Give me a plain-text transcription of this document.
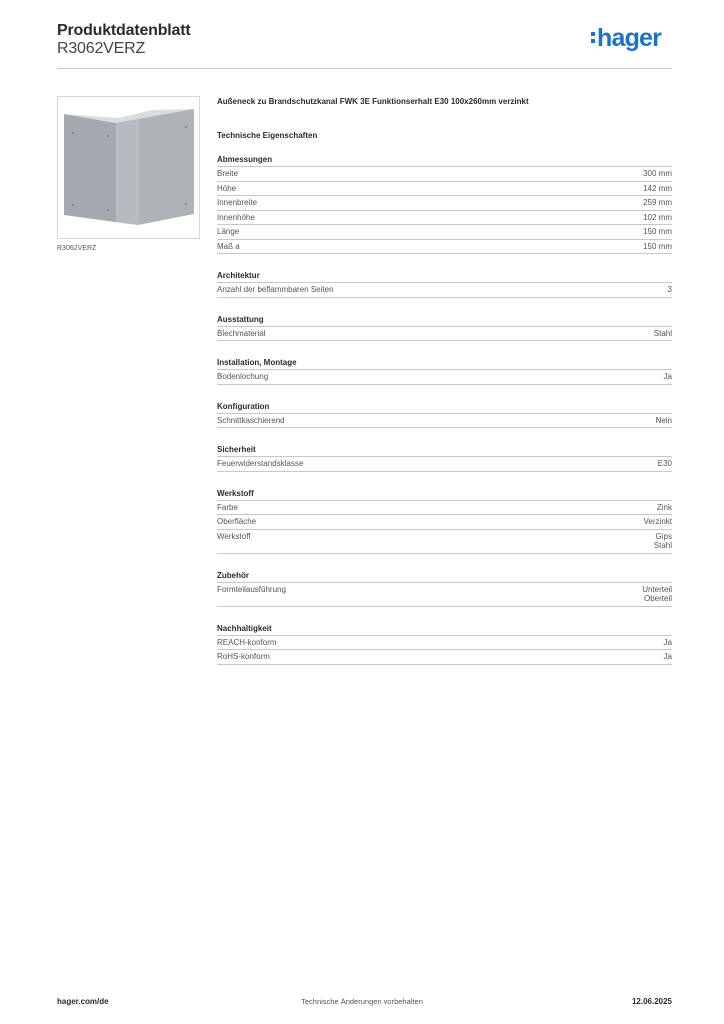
Produktdatenblatt
R3062VERZ	hager
R3062VERZ
Außeneck zu Brandschutzkanal FWK 3E Funktionserhalt E30 100x260mm verzinkt
Technische Eigenschaften
Abmessungen
Breite	300 mm
Höhe	142 mm
Innenbreite	259 mm
Innenhöhe	102 mm
Länge	150 mm
Maß a	150 mm
Architektur
Anzahl der beflammbaren Seiten	3
Ausstattung
Blechmaterial	Stahl
Installation, Montage
Bodenlochung	Ja
Konfiguration
Schnittkaschierend	Nein
Sicherheit
Feuerwiderstandsklasse	E30
Werkstoff
Farbe	Zink
Oberfläche	Verzinkt
Werkstoff	Gips
Stahl
Zubehör
Formteilausführung	Unterteil
Oberteil
Nachhaltigkeit
REACH-konform	Ja
RoHS-konform	Ja
hager.com/de	Technische Änderungen vorbehalten	12.06.2025
